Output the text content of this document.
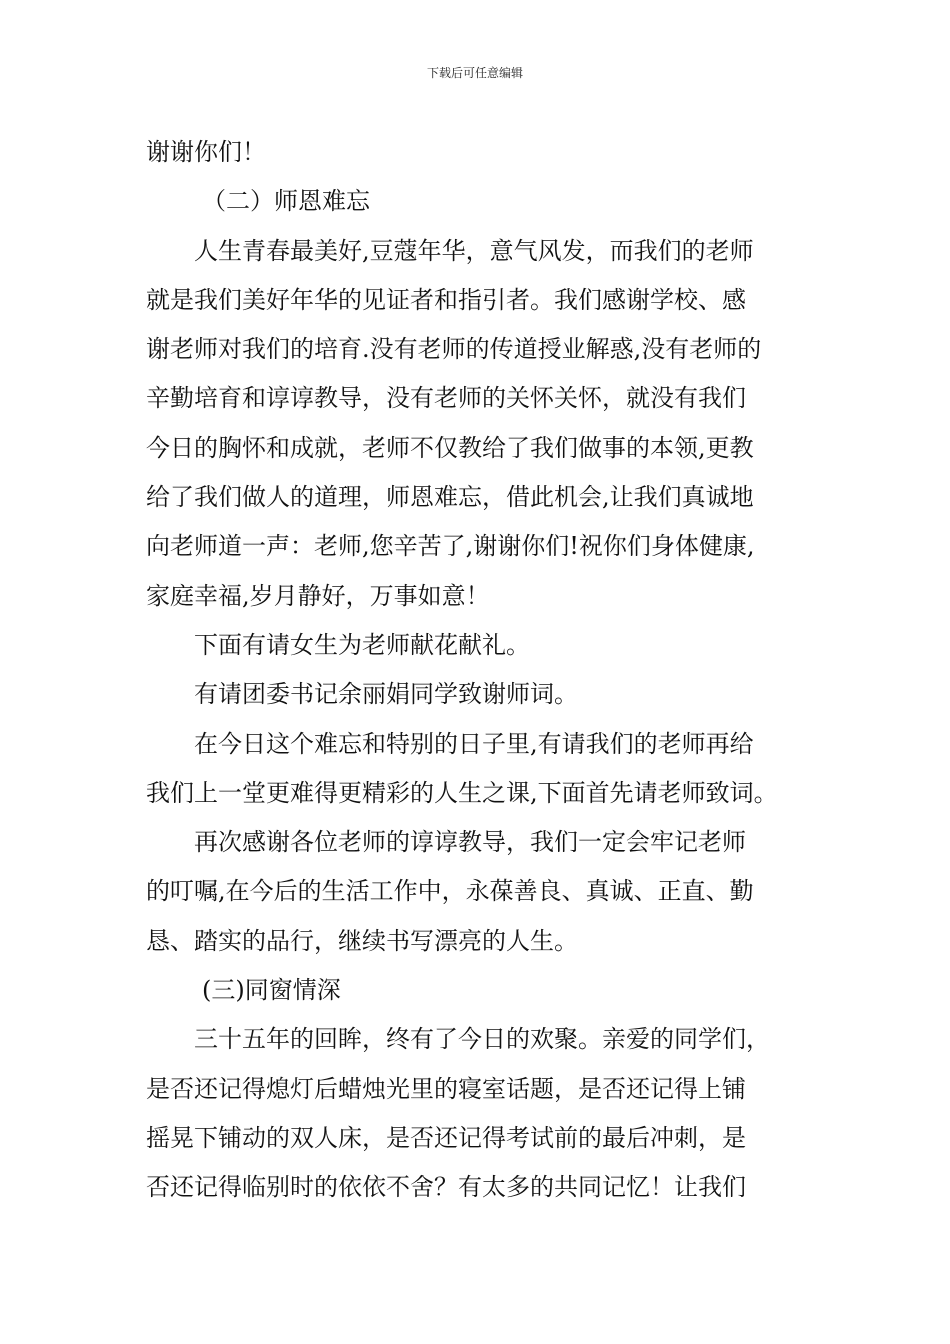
下载后可任意编辑
谢谢你们！
（二）师恩难忘
人生青春最美好,豆蔻年华，意气风发，而我们的老师
就是我们美好年华的见证者和指引者。我们感谢学校、感
谢老师对我们的培育.没有老师的传道授业解惑,没有老师的
辛勤培育和谆谆教导，没有老师的关怀关怀，就没有我们
今日的胸怀和成就，老师不仅教给了我们做事的本领,更教
给了我们做人的道理，师恩难忘，借此机会,让我们真诚地
向老师道一声：老师,您辛苦了,谢谢你们!祝你们身体健康,
家庭幸福,岁月静好，万事如意！
下面有请女生为老师献花献礼。
有请团委书记余丽娟同学致谢师词。
在今日这个难忘和特别的日子里,有请我们的老师再给
我们上一堂更难得更精彩的人生之课,下面首先请老师致词。
再次感谢各位老师的谆谆教导，我们一定会牢记老师
的叮嘱,在今后的生活工作中，永葆善良、真诚、正直、勤
恳、踏实的品行，继续书写漂亮的人生。
(三)同窗情深
三十五年的回眸，终有了今日的欢聚。亲爱的同学们，
是否还记得熄灯后蜡烛光里的寝室话题，是否还记得上铺
摇晃下铺动的双人床，是否还记得考试前的最后冲刺，是
否还记得临别时的依依不舍？有太多的共同记忆！让我们
